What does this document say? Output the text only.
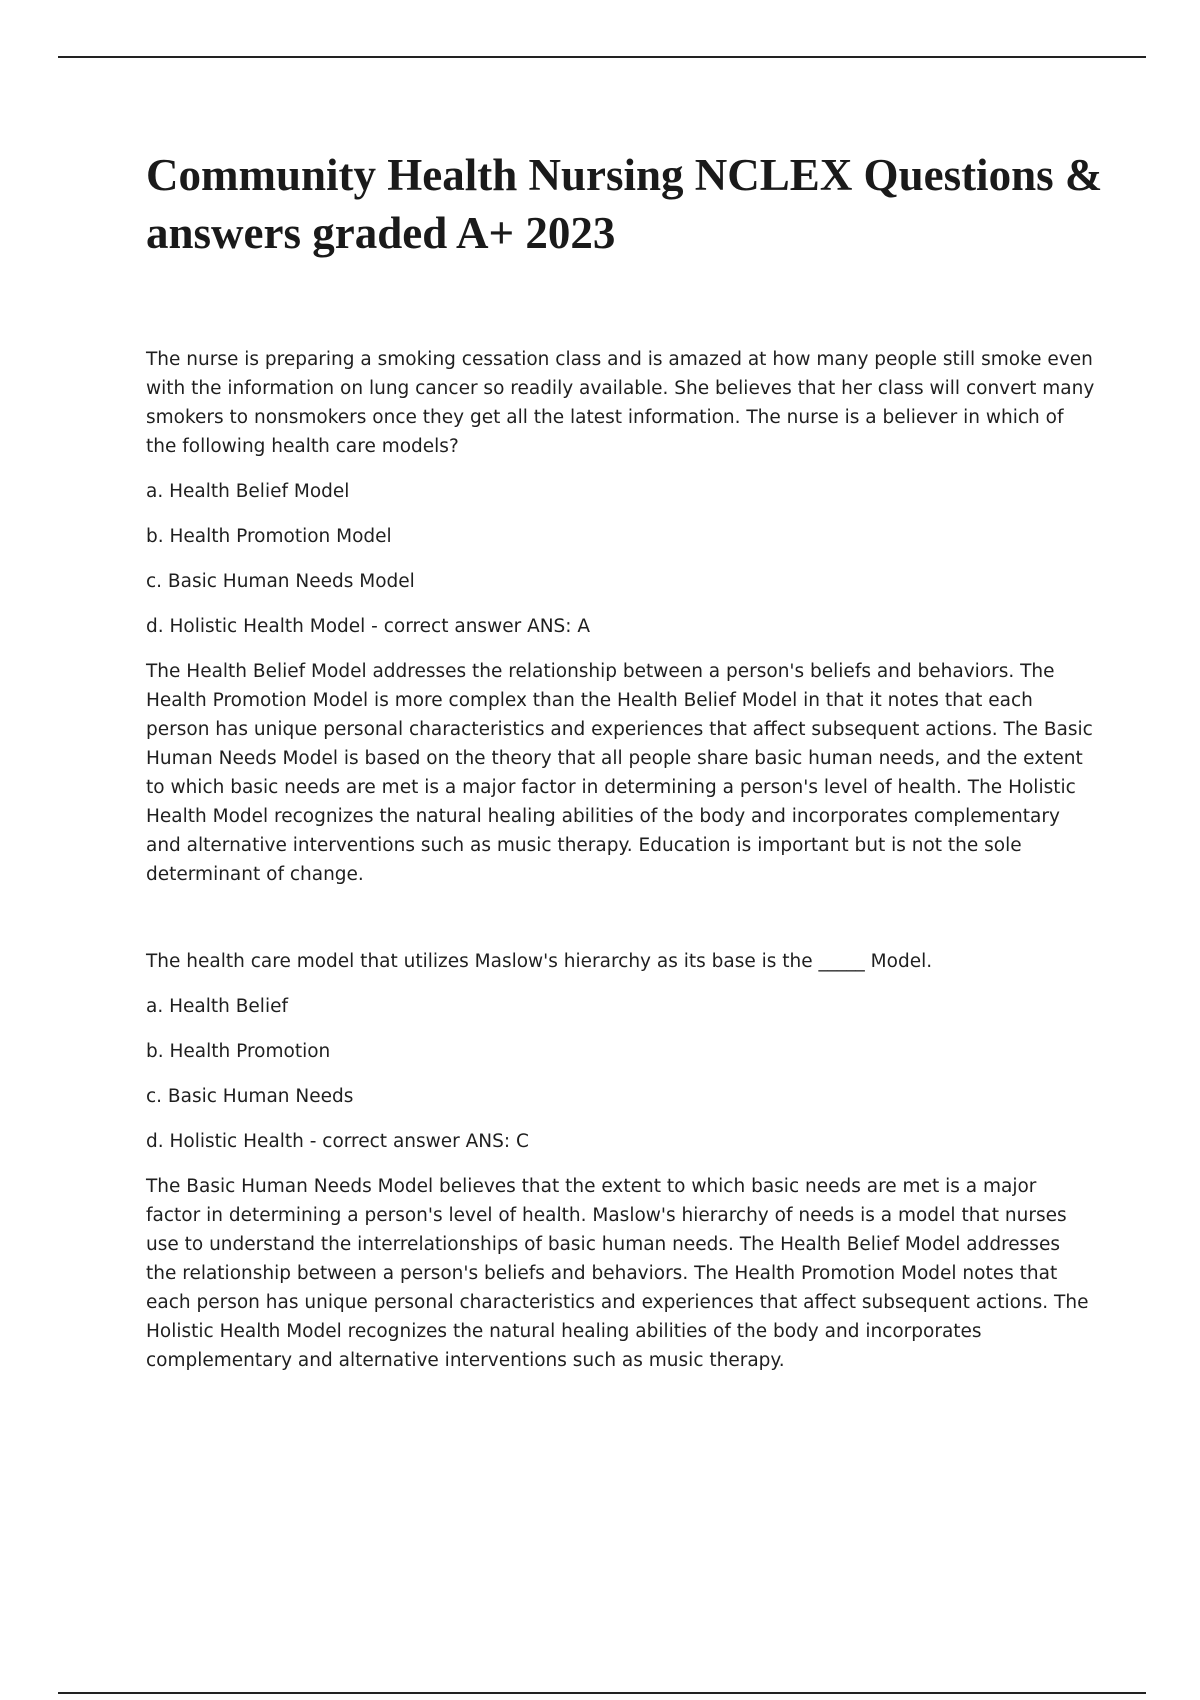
Community Health Nursing NCLEX Questions & answers graded A+ 2023

The nurse is preparing a smoking cessation class and is amazed at how many people still smoke even with the information on lung cancer so readily available. She believes that her class will convert many smokers to nonsmokers once they get all the latest information. The nurse is a believer in which of the following health care models?

a. Health Belief Model
b. Health Promotion Model
c. Basic Human Needs Model
d. Holistic Health Model - correct answer ANS: A

The Health Belief Model addresses the relationship between a person's beliefs and behaviors. The Health Promotion Model is more complex than the Health Belief Model in that it notes that each person has unique personal characteristics and experiences that affect subsequent actions. The Basic Human Needs Model is based on the theory that all people share basic human needs, and the extent to which basic needs are met is a major factor in determining a person's level of health. The Holistic Health Model recognizes the natural healing abilities of the body and incorporates complementary and alternative interventions such as music therapy. Education is important but is not the sole determinant of change.

The health care model that utilizes Maslow's hierarchy as its base is the _____ Model.

a. Health Belief
b. Health Promotion
c. Basic Human Needs
d. Holistic Health - correct answer ANS: C

The Basic Human Needs Model believes that the extent to which basic needs are met is a major factor in determining a person's level of health. Maslow's hierarchy of needs is a model that nurses use to understand the interrelationships of basic human needs. The Health Belief Model addresses the relationship between a person's beliefs and behaviors. The Health Promotion Model notes that each person has unique personal characteristics and experiences that affect subsequent actions. The Holistic Health Model recognizes the natural healing abilities of the body and incorporates complementary and alternative interventions such as music therapy.
